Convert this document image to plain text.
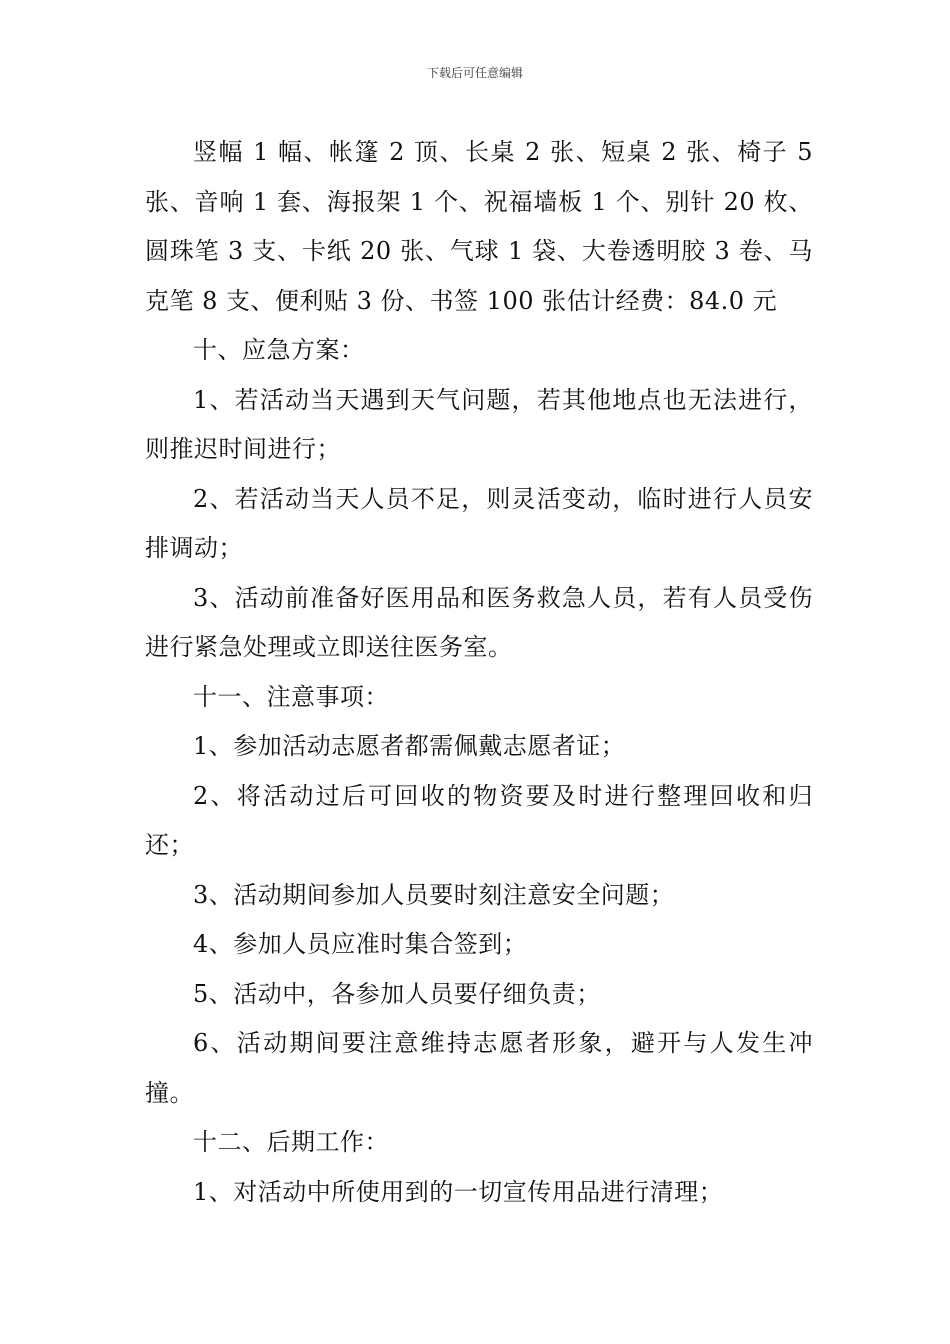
下载后可任意编辑

竖幅 1 幅、帐篷 2 顶、长桌 2 张、短桌 2 张、椅子 5 张、音响 1 套、海报架 1 个、祝福墙板 1 个、别针 20 枚、圆珠笔 3 支、卡纸 20 张、气球 1 袋、大卷透明胶 3 卷、马克笔 8 支、便利贴 3 份、书签 100 张估计经费：84.0 元

十、应急方案：

1、若活动当天遇到天气问题，若其他地点也无法进行，则推迟时间进行；

2、若活动当天人员不足，则灵活变动，临时进行人员安排调动；

3、活动前准备好医用品和医务救急人员，若有人员受伤进行紧急处理或立即送往医务室。

十一、注意事项：

1、参加活动志愿者都需佩戴志愿者证；

2、将活动过后可回收的物资要及时进行整理回收和归还；

3、活动期间参加人员要时刻注意安全问题；

4、参加人员应准时集合签到；

5、活动中，各参加人员要仔细负责；

6、活动期间要注意维持志愿者形象，避开与人发生冲撞。

十二、后期工作：

1、对活动中所使用到的一切宣传用品进行清理；
